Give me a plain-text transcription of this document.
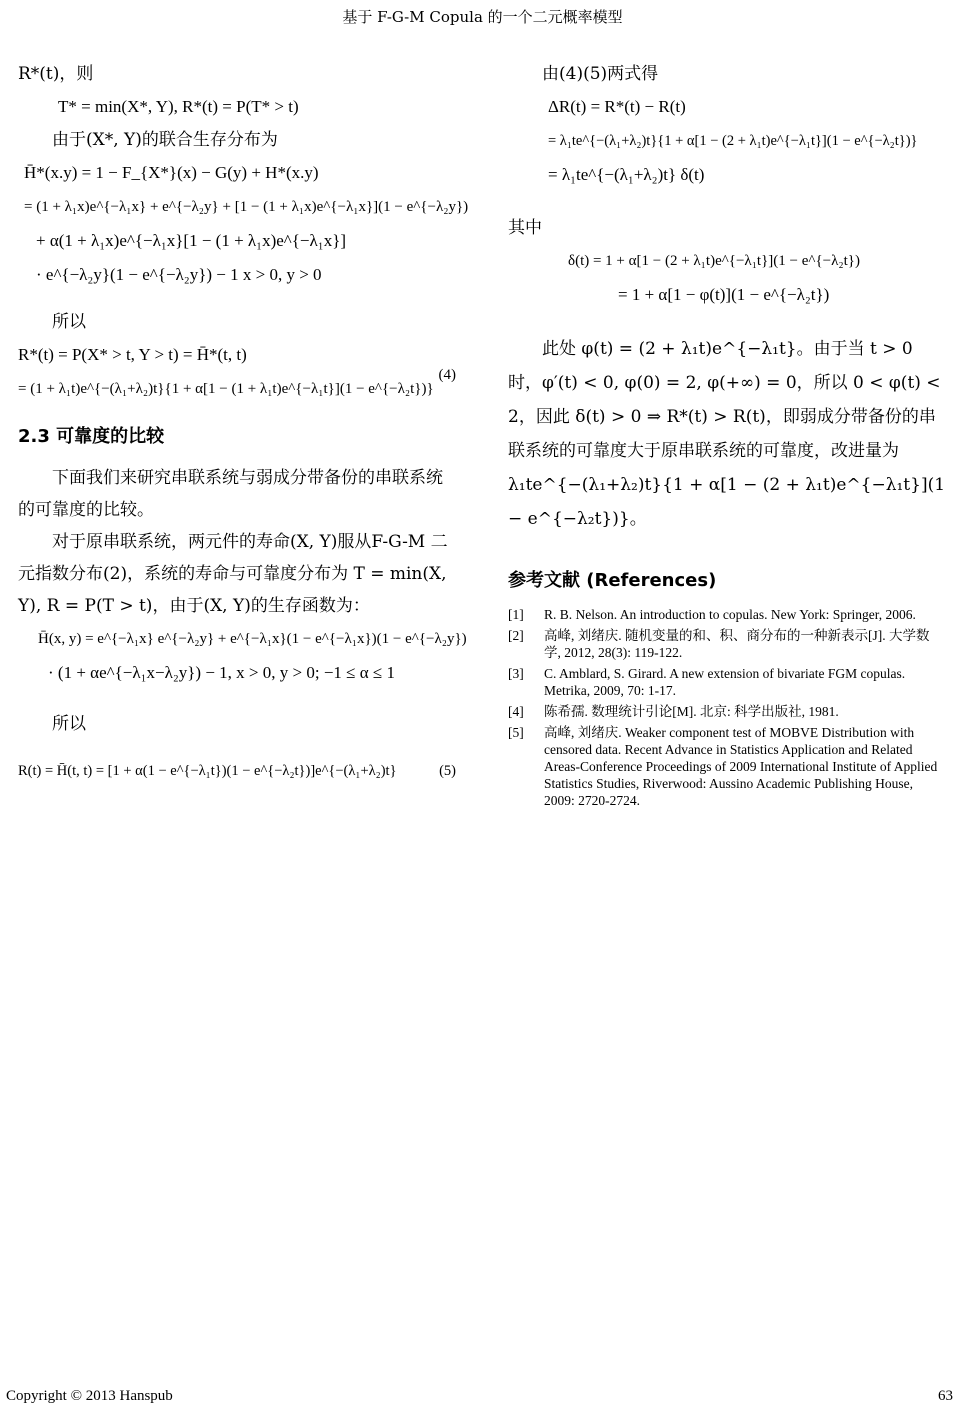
基于 F-G-M Copula 的一个二元概率模型

R*(t)，则

T* = min(X*, Y), R*(t) = P(T* > t)

由于(X*, Y)的联合生存分布为

H̄*(x.y) = 1 − F_{X*}(x) − G(y) + H*(x.y)
= (1 + λ₁x)e^{−λ₁x} + e^{−λ₂y} + [1 − (1 + λ₁x)e^{−λ₁x}](1 − e^{−λ₂y})
+ α(1 + λ₁x)e^{−λ₁x}[1 − (1 + λ₁x)e^{−λ₁x}]
· e^{−λ₂y}(1 − e^{−λ₂y}) − 1 x > 0, y > 0

所以

R*(t) = P(X* > t, Y > t) = H̄*(t, t)
= (1 + λ₁t)e^{−(λ₁+λ₂)t}{1 + α[1 − (1 + λ₁t)e^{−λ₁t}](1 − e^{−λ₂t})}
(4)
2.3 可靠度的比较

下面我们来研究串联系统与弱成分带备份的串联系统的可靠度的比较。

对于原串联系统，两元件的寿命(X, Y)服从F-G-M 二元指数分布(2)，系统的寿命与可靠度分布为 T = min(X, Y), R = P(T > t)，由于(X, Y)的生存函数为：

H̄(x, y) = e^{−λ₁x} e^{−λ₂y} + e^{−λ₁x}(1 − e^{−λ₁x})(1 − e^{−λ₂y})
· (1 + αe^{−λ₁x−λ₂y}) − 1, x > 0, y > 0; −1 ≤ α ≤ 1

所以

R(t) = H̄(t, t) = [1 + α(1 − e^{−λ₁t})(1 − e^{−λ₂t})]e^{−(λ₁+λ₂)t}	(5)

由(4)(5)两式得

ΔR(t) = R*(t) − R(t)
= λ₁te^{−(λ₁+λ₂)t}{1 + α[1 − (2 + λ₁t)e^{−λ₁t}](1 − e^{−λ₂t})}
= λ₁te^{−(λ₁+λ₂)t} δ(t)

其中

δ(t) = 1 + α[1 − (2 + λ₁t)e^{−λ₁t}](1 − e^{−λ₂t})
= 1 + α[1 − φ(t)](1 − e^{−λ₂t})

此处 φ(t) = (2 + λ₁t)e^{−λ₁t}。由于当 t > 0 时，φ′(t) < 0, φ(0) = 2, φ(+∞) = 0，所以 0 < φ(t) < 2，因此 δ(t) > 0 ⇒ R*(t) > R(t)，即弱成分带备份的串联系统的可靠度大于原串联系统的可靠度，改进量为 λ₁te^{−(λ₁+λ₂)t}{1 + α[1 − (2 + λ₁t)e^{−λ₁t}](1 − e^{−λ₂t})}。

参考文献 (References)
[1]	R. B. Nelson. An introduction to copulas. New York: Springer, 2006.
[2]	高峰, 刘绪庆. 随机变量的和、积、商分布的一种新表示[J]. 大学数学, 2012, 28(3): 119-122.
[3]	C. Amblard, S. Girard. A new extension of bivariate FGM copulas. Metrika, 2009, 70: 1-17.
[4]	陈希孺. 数理统计引论[M]. 北京: 科学出版社, 1981.
[5]	高峰, 刘绪庆. Weaker component test of MOBVE Distribution with censored data. Recent Advance in Statistics Application and Related Areas-Conference Proceedings of 2009 International Institute of Applied Statistics Studies, Riverwood: Aussino Academic Publishing House, 2009: 2720-2724.
Copyright © 2013 Hanspub	63
